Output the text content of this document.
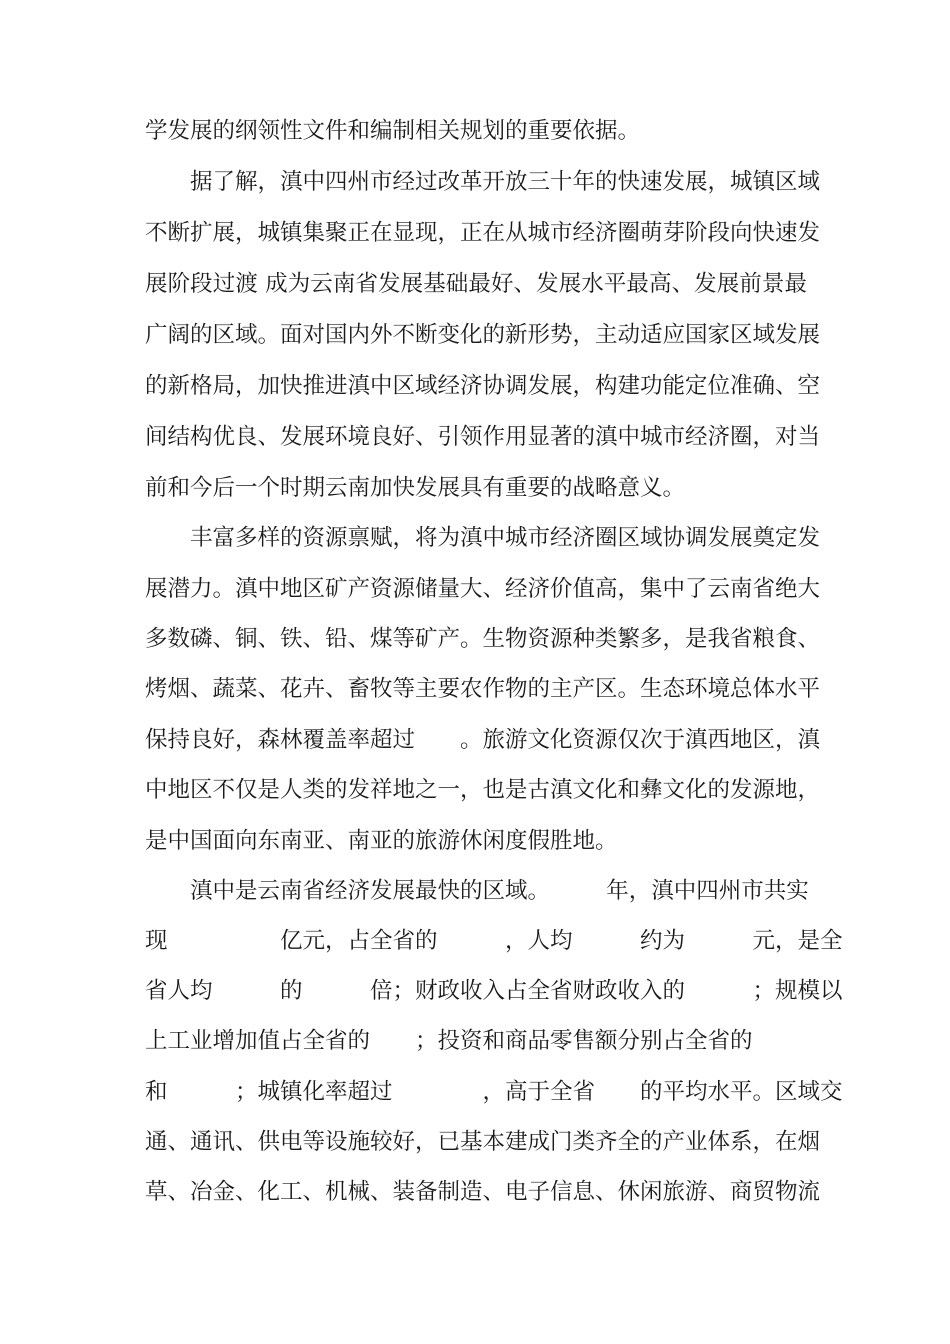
学发展的纲领性文件和编制相关规划的重要依据。
据了解，滇中四州市经过改革开放三十年的快速发展，城镇区域
不断扩展，城镇集聚正在显现，正在从城市经济圈萌芽阶段向快速发
展阶段过渡 成为云南省发展基础最好、发展水平最高、发展前景最
广阔的区域。面对国内外不断变化的新形势，主动适应国家区域发展
的新格局，加快推进滇中区域经济协调发展，构建功能定位准确、空
间结构优良、发展环境良好、引领作用显著的滇中城市经济圈，对当
前和今后一个时期云南加快发展具有重要的战略意义。
丰富多样的资源禀赋，将为滇中城市经济圈区域协调发展奠定发
展潜力。滇中地区矿产资源储量大、经济价值高，集中了云南省绝大
多数磷、铜、铁、铅、煤等矿产。生物资源种类繁多，是我省粮食、
烤烟、蔬菜、花卉、畜牧等主要农作物的主产区。生态环境总体水平
保持良好，森林覆盖率超过　　。旅游文化资源仅次于滇西地区，滇
中地区不仅是人类的发祥地之一，也是古滇文化和彝文化的发源地，
是中国面向东南亚、南亚的旅游休闲度假胜地。
滇中是云南省经济发展最快的区域。　　　年，滇中四州市共实
现　　　　　亿元，占全省的　　　，人均　　　约为　　　元，是全
省人均　　　的　　　倍；财政收入占全省财政收入的　　　；规模以
上工业增加值占全省的　　；投资和商品零售额分别占全省的
和　　　；城镇化率超过　　　　，高于全省　　的平均水平。区域交
通、通讯、供电等设施较好，已基本建成门类齐全的产业体系，在烟
草、冶金、化工、机械、装备制造、电子信息、休闲旅游、商贸物流
